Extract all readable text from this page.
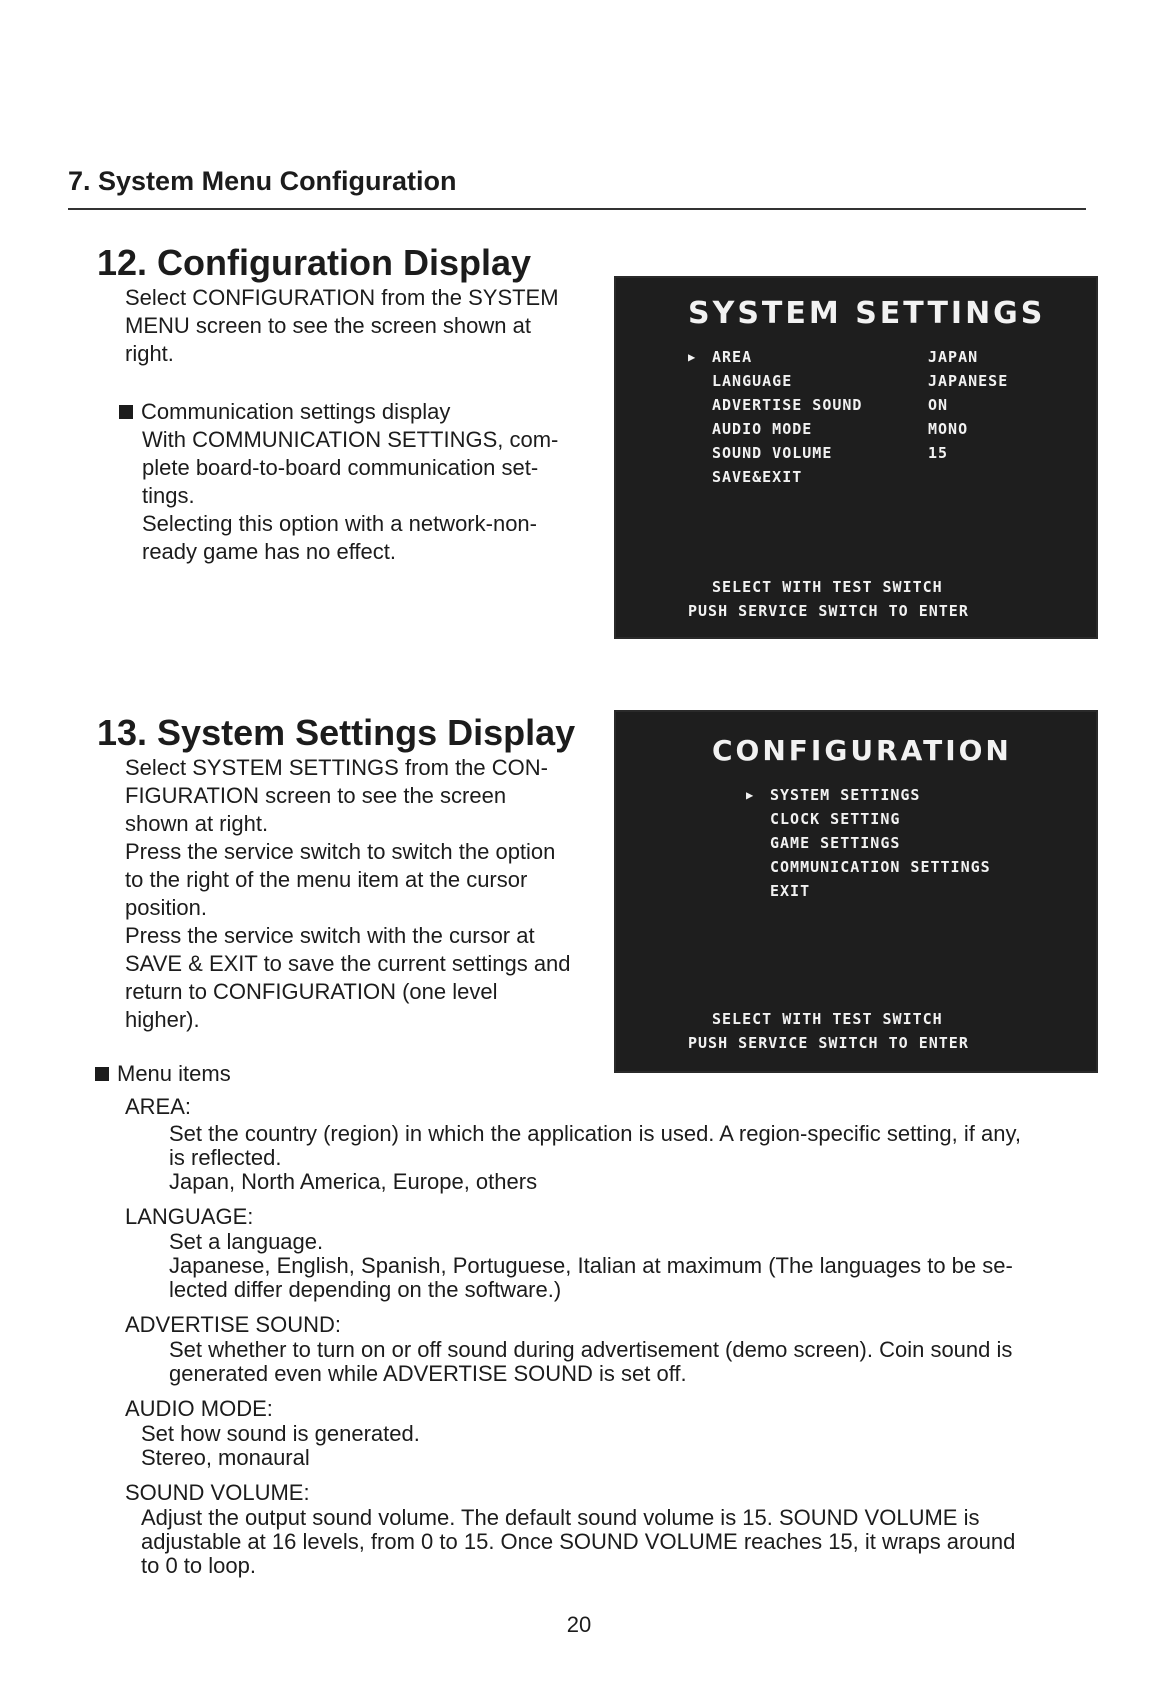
7. System Menu Configuration
12. Configuration Display
Select CONFIGURATION from the SYSTEM
MENU screen to see the screen shown at
right.
Communication settings display
With COMMUNICATION SETTINGS, com-
plete board-to-board communication set-
tings.
Selecting this option with a network-non-
ready game has no effect.
SYSTEM SETTINGS
▶ AREA	JAPAN
LANGUAGE	JAPANESE
ADVERTISE SOUND	ON
AUDIO MODE	MONO
SOUND VOLUME	15
SAVE&EXIT
SELECT WITH TEST SWITCH
PUSH SERVICE SWITCH TO ENTER
13. System Settings Display
Select SYSTEM SETTINGS from the CON-
FIGURATION screen to see the screen
shown at right.
Press the service switch to switch the option
to the right of the menu item at the cursor
position.
Press the service switch with the cursor at
SAVE & EXIT to save the current settings and
return to CONFIGURATION (one level
higher).
CONFIGURATION
▶ SYSTEM SETTINGS
CLOCK SETTING
GAME SETTINGS
COMMUNICATION SETTINGS
EXIT
SELECT WITH TEST SWITCH
PUSH SERVICE SWITCH TO ENTER
Menu items
AREA:
Set the country (region) in which the application is used. A region-specific setting, if any,
is reflected.
Japan, North America, Europe, others
LANGUAGE:
Set a language.
Japanese, English, Spanish, Portuguese, Italian at maximum (The languages to be se-
lected differ depending on the software.)
ADVERTISE SOUND:
Set whether to turn on or off sound during advertisement (demo screen). Coin sound is
generated even while ADVERTISE SOUND is set off.
AUDIO MODE:
Set how sound is generated.
Stereo, monaural
SOUND VOLUME:
Adjust the output sound volume. The default sound volume is 15. SOUND VOLUME is
adjustable at 16 levels, from 0 to 15. Once SOUND VOLUME reaches 15, it wraps around
to 0 to loop.
20
